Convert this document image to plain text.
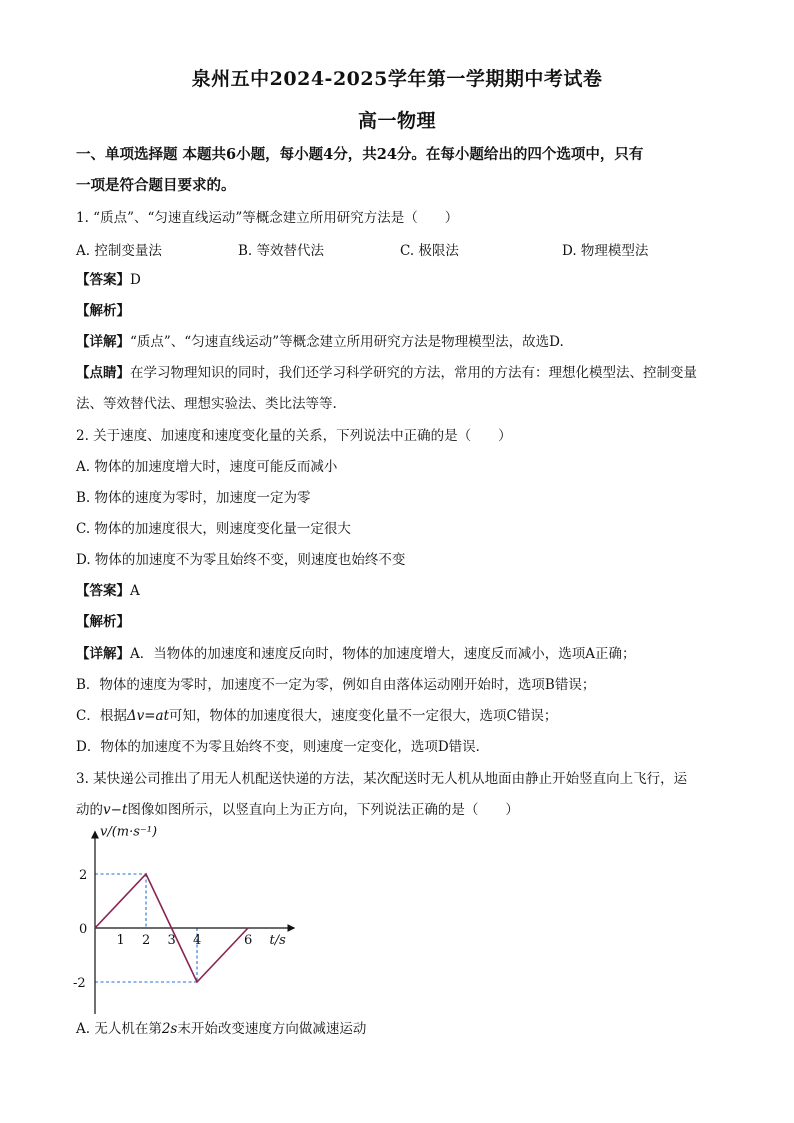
泉州五中2024-2025学年第一学期期中考试卷
高一物理
一、单项选择题 本题共6小题，每小题4分，共24分。在每小题给出的四个选项中，只有
一项是符合题目要求的。
1. “质点”、“匀速直线运动”等概念建立所用研究方法是（　　）
A. 控制变量法	B. 等效替代法	C. 极限法	D. 物理模型法
【答案】D
【解析】
【详解】“质点”、“匀速直线运动”等概念建立所用研究方法是物理模型法，故选D.
【点睛】在学习物理知识的同时，我们还学习科学研究的方法，常用的方法有：理想化模型法、控制变量
法、等效替代法、理想实验法、类比法等等.
2. 关于速度、加速度和速度变化量的关系，下列说法中正确的是（　　）
A. 物体的加速度增大时，速度可能反而减小
B. 物体的速度为零时，加速度一定为零
C. 物体的加速度很大，则速度变化量一定很大
D. 物体的加速度不为零且始终不变，则速度也始终不变
【答案】A
【解析】
【详解】A．当物体的加速度和速度反向时，物体的加速度增大，速度反而减小，选项A正确；
B．物体的速度为零时，加速度不一定为零，例如自由落体运动刚开始时，选项B错误；
C．根据Δv=at可知，物体的加速度很大，速度变化量不一定很大，选项C错误；
D．物体的加速度不为零且始终不变，则速度一定变化，选项D错误．
3. 某快递公司推出了用无人机配送快递的方法，某次配送时无人机从地面由静止开始竖直向上飞行，运
动的v−t图像如图所示，以竖直向上为正方向，下列说法正确的是（　　）
1 2 3 4	6
2
-2
v/(m·s⁻¹)
t/s
0
A. 无人机在第2s末开始改变速度方向做减速运动
